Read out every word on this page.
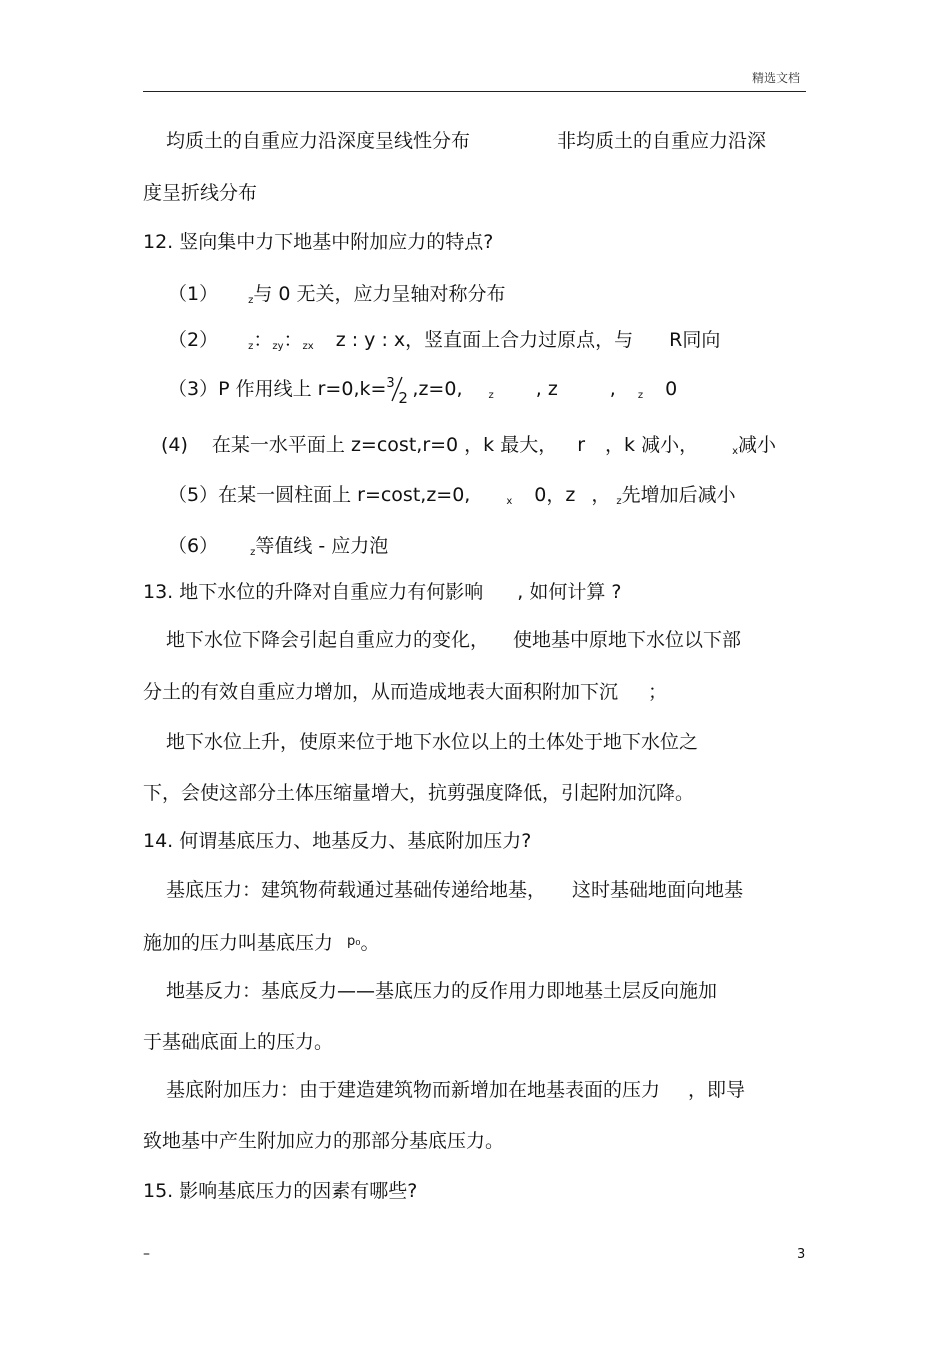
精选文档
均质土的自重应力沿深度呈线性分布	非均质土的自重应力沿深
度呈折线分布
12. 竖向集中力下地基中附加应力的特点?
（1）	$_z$与 0 无关，应力呈轴对称分布
（2）	$_z$：$_{zy}$：$_{zx}$ z : y : x，竖直面上合力过原点，与 R同向
（3）P 作用线上 r=0,k= 3
2 ,z=0,	$_z$ , z	, $_z$ 0
(4) 在某一水平面上 z=cost,r=0 ，k 最大， r ，k 减小，	$_x$减小
（5）在某一圆柱面上 r=cost,z=0,	$_x$ 0，z ， $_z$先增加后减小
（6）	$_z$等值线 - 应力泡
13. 地下水位的升降对自重应力有何影响 , 如何计算 ?
地下水位下降会引起自重应力的变化， 使地基中原地下水位以下部
分土的有效自重应力增加，从而造成地表大面积附加下沉 ；
地下水位上升，使原来位于地下水位以上的土体处于地下水位之
下，会使这部分土体压缩量增大，抗剪强度降低，引起附加沉降。
14. 何谓基底压力、地基反力、基底附加压力?
基底压力：建筑物荷载通过基础传递给地基， 这时基础地面向地基
施加的压力叫基底压力 $^{p_0}$。
地基反力：基底反力——基底压力的反作用力即地基土层反向施加
于基础底面上的压力。
基底附加压力：由于建造建筑物而新增加在地基表面的压力 ，即导
致地基中产生附加应力的那部分基底压力。
15. 影响基底压力的因素有哪些?
–	3
